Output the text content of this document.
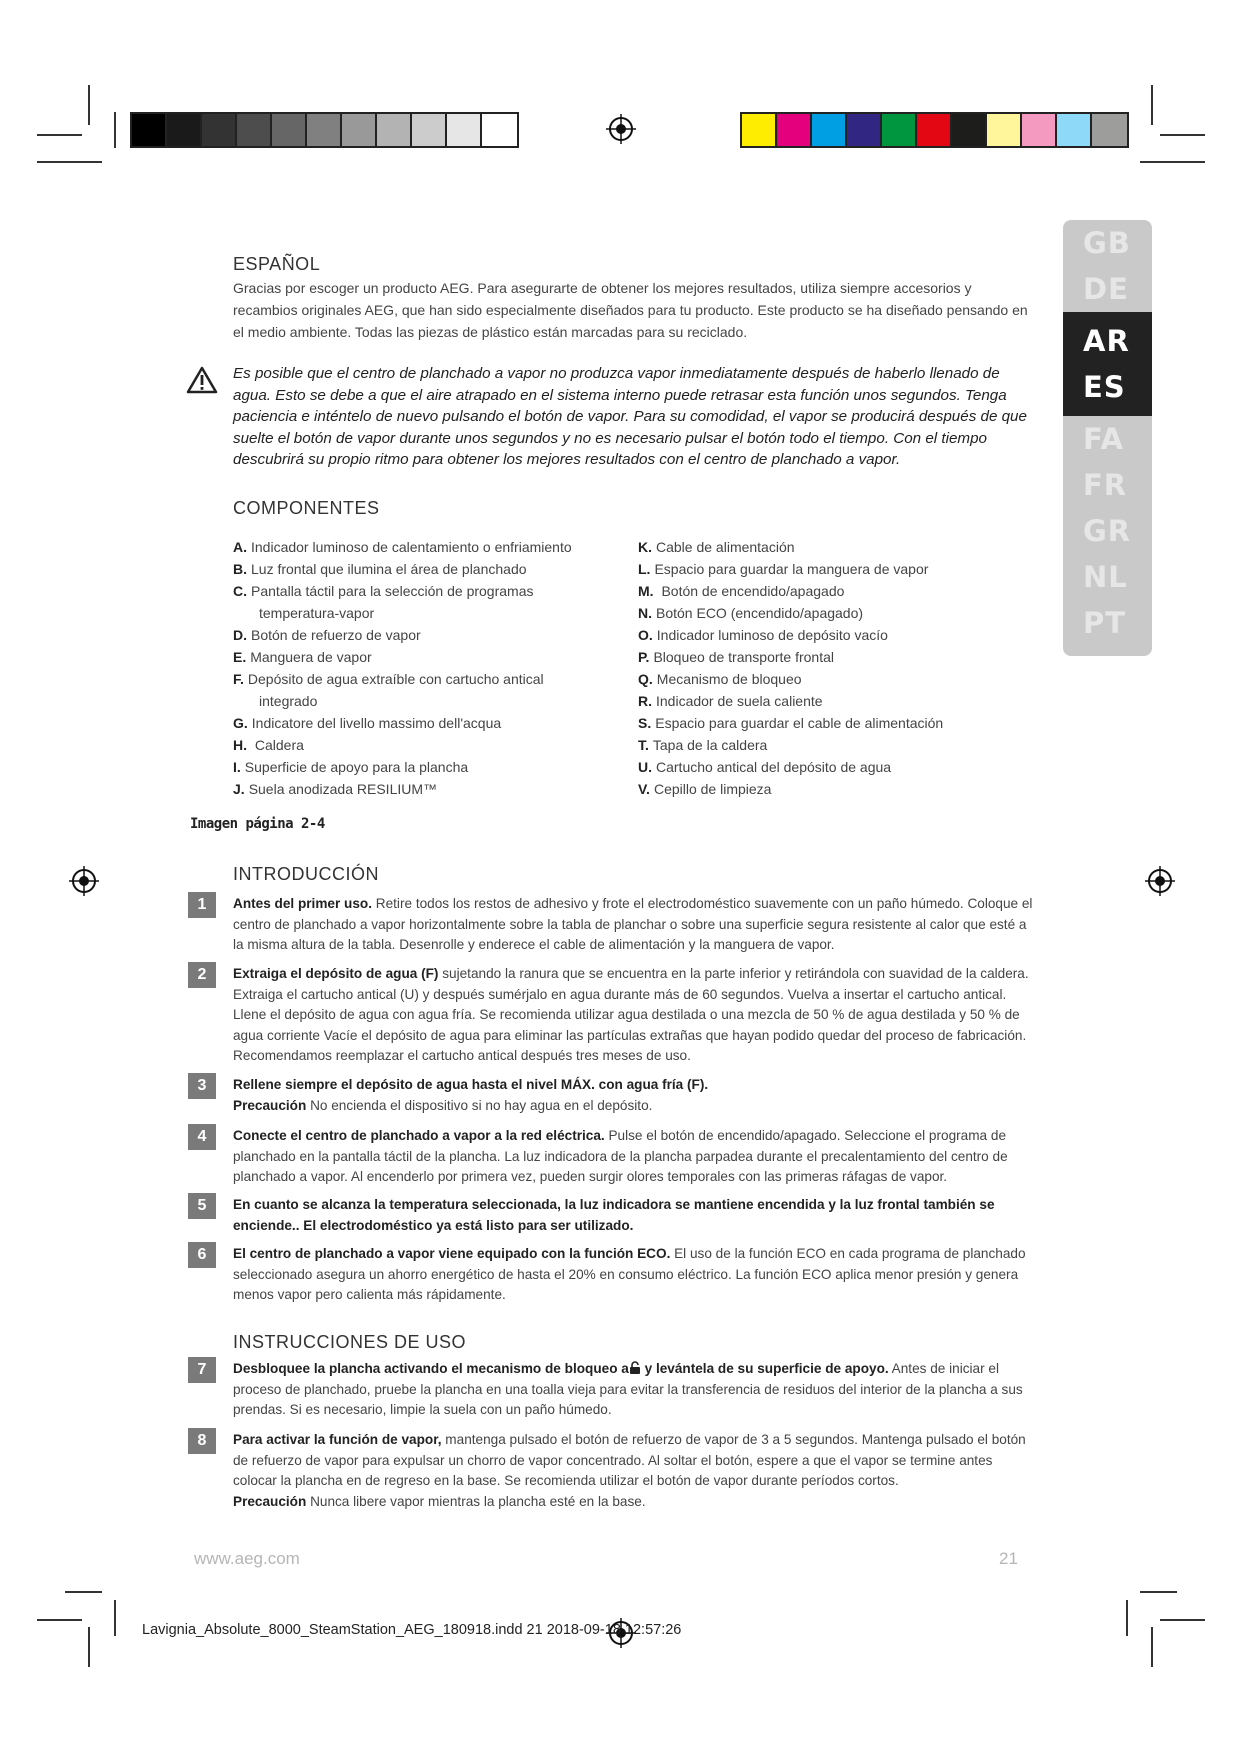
GB
DE
AR
ES
FA
FR
GR
NL
PT
ESPAÑOL
Gracias por escoger un producto AEG. Para asegurarte de obtener los mejores resultados, utiliza siempre accesorios y recambios originales AEG, que han sido especialmente diseñados para tu producto. Este producto se ha diseñado pensando en el medio ambiente. Todas las piezas de plástico están marcadas para su reciclado.
Es posible que el centro de planchado a vapor no produzca vapor inmediatamente después de haberlo llenado de agua. Esto se debe a que el aire atrapado en el sistema interno puede retrasar esta función unos segundos. Tenga paciencia e inténtelo de nuevo pulsando el botón de vapor. Para su comodidad, el vapor se producirá después de que suelte el botón de vapor durante unos segundos y no es necesario pulsar el botón todo el tiempo. Con el tiempo descubrirá su propio ritmo para obtener los mejores resultados con el centro de planchado a vapor.
COMPONENTES
A. Indicador luminoso de calentamiento o enfriamiento
B. Luz frontal que ilumina el área de planchado
C. Pantalla táctil para la selección de programas
temperatura-vapor
D. Botón de refuerzo de vapor
E. Manguera de vapor
F. Depósito de agua extraíble con cartucho antical
integrado
G. Indicatore del livello massimo dell'acqua
H. Caldera
I. Superficie de apoyo para la plancha
J. Suela anodizada RESILIUM™
K. Cable de alimentación
L. Espacio para guardar la manguera de vapor
M. Botón de encendido/apagado
N. Botón ECO (encendido/apagado)
O. Indicador luminoso de depósito vacío
P. Bloqueo de transporte frontal
Q. Mecanismo de bloqueo
R. Indicador de suela caliente
S. Espacio para guardar el cable de alimentación
T. Tapa de la caldera
U. Cartucho antical del depósito de agua
V. Cepillo de limpieza
Imagen página 2-4
INTRODUCCIÓN
1	Antes del primer uso. Retire todos los restos de adhesivo y frote el electrodoméstico suavemente con un paño húmedo. Coloque el centro de planchado a vapor horizontalmente sobre la tabla de planchar o sobre una superficie segura resistente al calor que esté a la misma altura de la tabla. Desenrolle y enderece el cable de alimentación y la manguera de vapor.
2	Extraiga el depósito de agua (F) sujetando la ranura que se encuentra en la parte inferior y retirándola con suavidad de la caldera. Extraiga el cartucho antical (U) y después sumérjalo en agua durante más de 60 segundos. Vuelva a insertar el cartucho antical. Llene el depósito de agua con agua fría. Se recomienda utilizar agua destilada o una mezcla de 50 % de agua destilada y 50 % de agua corriente Vacíe el depósito de agua para eliminar las partículas extrañas que hayan podido quedar del proceso de fabricación. Recomendamos reemplazar el cartucho antical después tres meses de uso.
3	Rellene siempre el depósito de agua hasta el nivel MÁX. con agua fría (F).
Precaución No encienda el dispositivo si no hay agua en el depósito.
4	Conecte el centro de planchado a vapor a la red eléctrica. Pulse el botón de encendido/apagado. Seleccione el programa de planchado en la pantalla táctil de la plancha. La luz indicadora de la plancha parpadea durante el precalentamiento del centro de planchado a vapor. Al encenderlo por primera vez, pueden surgir olores temporales con las primeras ráfagas de vapor.
5	En cuanto se alcanza la temperatura seleccionada, la luz indicadora se mantiene encendida y la luz frontal también se enciende.. El electrodoméstico ya está listo para ser utilizado.
6	El centro de planchado a vapor viene equipado con la función ECO. El uso de la función ECO en cada programa de planchado seleccionado asegura un ahorro energético de hasta el 20% en consumo eléctrico. La función ECO aplica menor presión y genera menos vapor pero calienta más rápidamente.
INSTRUCCIONES DE USO
7	Desbloquee la plancha activando el mecanismo de bloqueo a y levántela de su superficie de apoyo. Antes de iniciar el proceso de planchado, pruebe la plancha en una toalla vieja para evitar la transferencia de residuos del interior de la plancha a sus prendas. Si es necesario, limpie la suela con un paño húmedo.
8	Para activar la función de vapor, mantenga pulsado el botón de refuerzo de vapor de 3 a 5 segundos. Mantenga pulsado el botón de refuerzo de vapor para expulsar un chorro de vapor concentrado. Al soltar el botón, espere a que el vapor se termine antes colocar la plancha en de regreso en la base. Se recomienda utilizar el botón de vapor durante períodos cortos.
Precaución Nunca libere vapor mientras la plancha esté en la base.
www.aeg.com	21
Lavignia_Absolute_8000_SteamStation_AEG_180918.indd 21 2018-09-18 12:57:26
